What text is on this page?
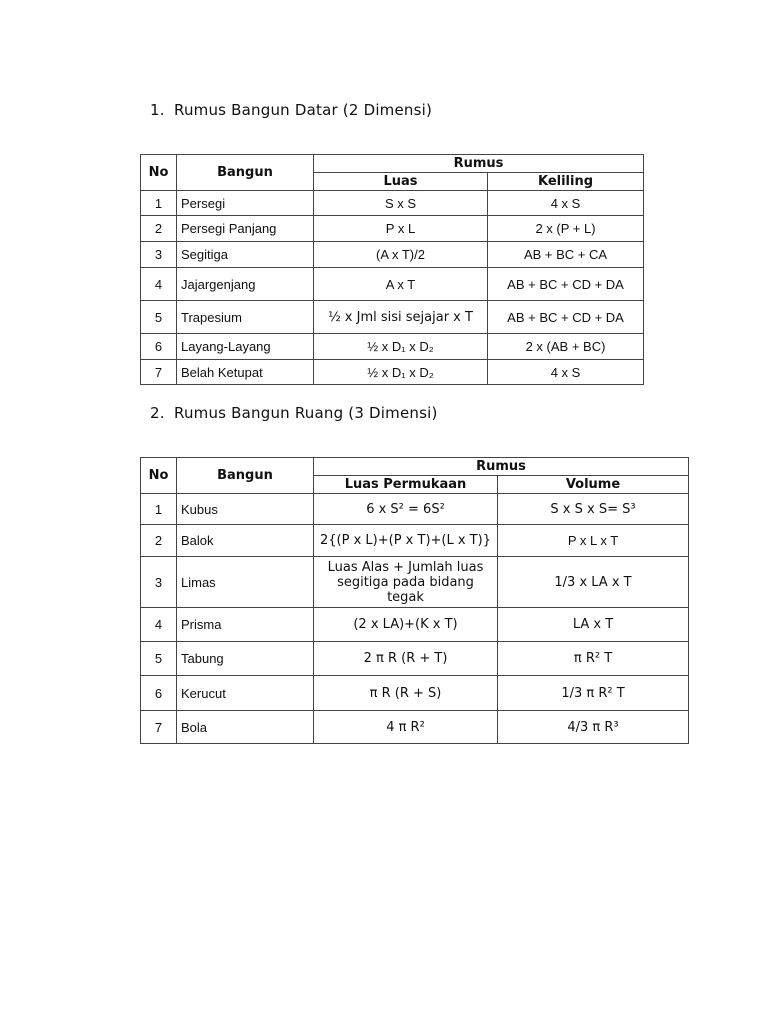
1. Rumus Bangun Datar (2 Dimensi)
No	Bangun	Rumus	
		Luas	Keliling
1	Persegi	S x S	4 x S
2	Persegi Panjang	P x L	2 x (P + L)
3	Segitiga	(A x T)/2	AB + BC + CA
4	Jajargenjang	A x T	AB + BC + CD + DA
5	Trapesium	½ x Jml sisi sejajar x T	AB + BC + CD + DA
6	Layang-Layang	½ x D₁ x D₂	2 x (AB + BC)
7	Belah Ketupat	½ x D₁ x D₂	4 x S
2. Rumus Bangun Ruang (3 Dimensi)
No	Bangun	Rumus	
		Luas Permukaan	Volume
1	Kubus	6 x S² = 6S²	S x S x S= S³
2	Balok	2{(P x L)+(P x T)+(L x T)}	P x L x T
3	Limas	Luas Alas + Jumlah luas segitiga pada bidang tegak	1/3 x LA x T
4	Prisma	(2 x LA)+(K x T)	LA x T
5	Tabung	2 π R (R + T)	π R² T
6	Kerucut	π R (R + S)	1/3 π R² T
7	Bola	4 π R²	4/3 π R³
